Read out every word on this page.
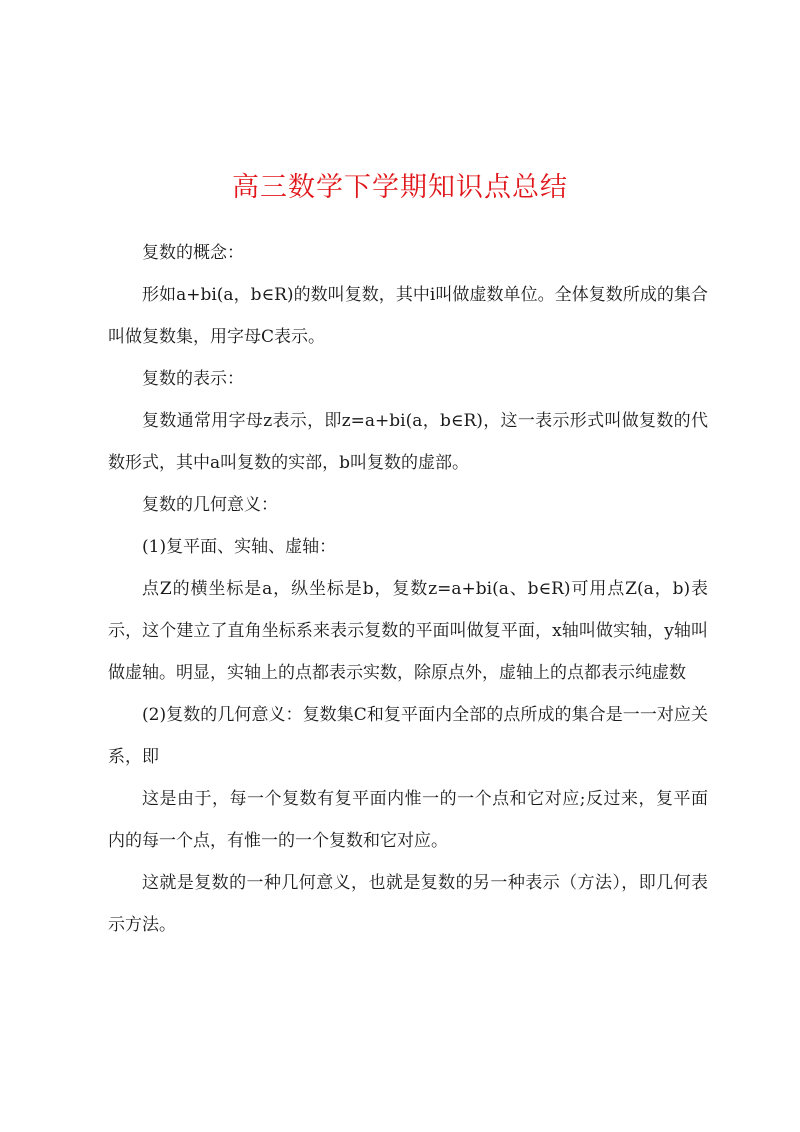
高三数学下学期知识点总结

复数的概念：

形如a+bi(a，b∈R)的数叫复数，其中i叫做虚数单位。全体复数所成的集合叫做复数集，用字母C表示。

复数的表示：

复数通常用字母z表示，即z=a+bi(a，b∈R)，这一表示形式叫做复数的代数形式，其中a叫复数的实部，b叫复数的虚部。

复数的几何意义：

(1)复平面、实轴、虚轴：

点Z的横坐标是a，纵坐标是b，复数z=a+bi(a、b∈R)可用点Z(a，b)表示，这个建立了直角坐标系来表示复数的平面叫做复平面，x轴叫做实轴，y轴叫做虚轴。明显，实轴上的点都表示实数，除原点外，虚轴上的点都表示纯虚数

(2)复数的几何意义：复数集C和复平面内全部的点所成的集合是一一对应关系，即

这是由于，每一个复数有复平面内惟一的一个点和它对应;反过来，复平面内的每一个点，有惟一的一个复数和它对应。

这就是复数的一种几何意义，也就是复数的另一种表示（方法），即几何表示方法。
